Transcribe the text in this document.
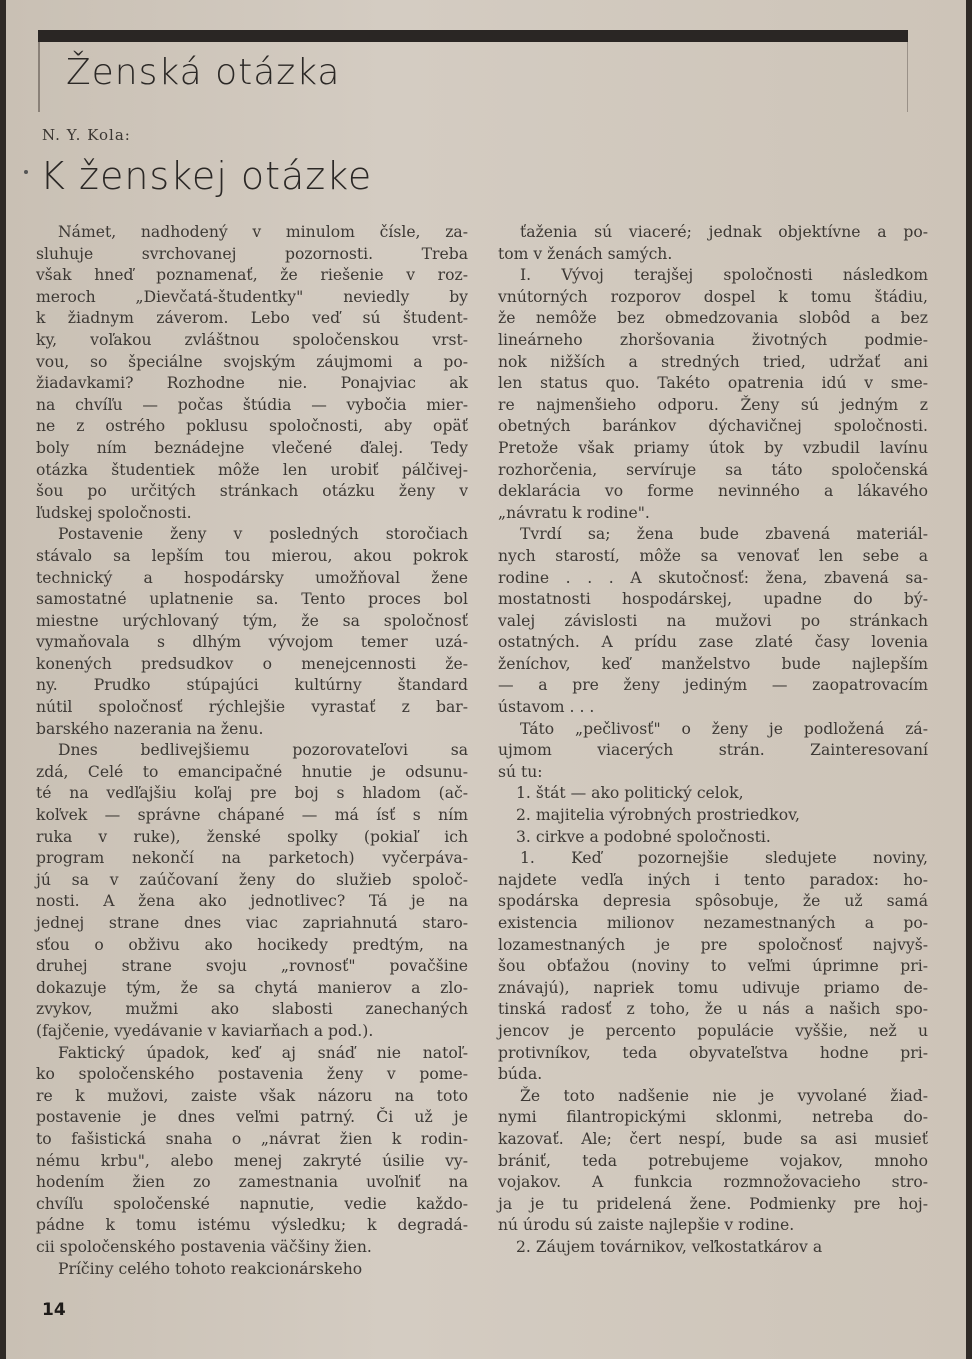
Ženská otázka
N. Y. Kola:
K ženskej otázke

Námet, nadhodený v minulom čísle, za-

sluhuje svrchovanej pozornosti. Treba

však hneď poznamenať, že riešenie v roz-

meroch „Dievčatá-študentky" neviedly by

k žiadnym záverom. Lebo veď sú študent-

ky, voľakou zvláštnou spoločenskou vrst-

vou, so špeciálne svojským záujmomi a po-

žiadavkami? Rozhodne nie. Ponajviac ak

na chvíľu — počas štúdia — vybočia mier-

ne z ostrého poklusu spoločnosti, aby opäť

boly ním beznádejne vlečené ďalej. Tedy

otázka študentiek môže len urobiť pálčivej-

šou po určitých stránkach otázku ženy v

ľudskej spoločnosti.

Postavenie ženy v posledných storočiach

stávalo sa lepším tou mierou, akou pokrok

technický a hospodársky umožňoval žene

samostatné uplatnenie sa. Tento proces bol

miestne urýchlovaný tým, že sa spoločnosť

vymaňovala s dlhým vývojom temer uzá-

konených predsudkov o menejcennosti že-

ny. Prudko stúpajúci kultúrny štandard

nútil spoločnosť rýchlejšie vyrastať z bar-

barského nazerania na ženu.

Dnes bedlivejšiemu pozorovateľovi sa

zdá, Celé to emancipačné hnutie je odsunu-

té na vedľajšiu koľaj pre boj s hladom (ač-

koľvek — správne chápané — má ísť s ním

ruka v ruke), ženské spolky (pokiaľ ich

program nekončí na parketoch) vyčerpáva-

jú sa v zaúčovaní ženy do služieb spoloč-

nosti. A žena ako jednotlivec? Tá je na

jednej strane dnes viac zapriahnutá staro-

sťou o obživu ako hocikedy predtým, na

druhej strane svoju „rovnosť" povačšine

dokazuje tým, že sa chytá manierov a zlo-

zvykov, mužmi ako slabosti zanechaných

(fajčenie, vyedávanie v kaviarňach a pod.).

Faktický úpadok, keď aj snáď nie natoľ-

ko spoločenského postavenia ženy v pome-

re k mužovi, zaiste však názoru na toto

postavenie je dnes veľmi patrný. Či už je

to fašistická snaha o „návrat žien k rodin-

nému krbu", alebo menej zakryté úsilie vy-

hodením žien zo zamestnania uvoľniť na

chvíľu spoločenské napnutie, vedie každo-

pádne k tomu istému výsledku; k degradá-

cii spoločenského postavenia väčšiny žien.

Príčiny celého tohoto reakcionárskeho

ťaženia sú viaceré; jednak objektívne a po-

tom v ženách samých.

I. Vývoj terajšej spoločnosti následkom

vnútorných rozporov dospel k tomu štádiu,

že nemôže bez obmedzovania slobôd a bez

lineárneho zhoršovania životných podmie-

nok nižších a stredných tried, udržať ani

len status quo. Takéto opatrenia idú v sme-

re najmenšieho odporu. Ženy sú jedným z

obetných baránkov dýchavičnej spoločnosti.

Pretože však priamy útok by vzbudil lavínu

rozhorčenia, servíruje sa táto spoločenská

deklarácia vo forme nevinného a lákavého

„návratu k rodine".

Tvrdí sa; žena bude zbavená materiál-

nych starostí, môže sa venovať len sebe a

rodine . . . A skutočnosť: žena, zbavená sa-

mostatnosti hospodárskej, upadne do bý-

valej závislosti na mužovi po stránkach

ostatných. A prídu zase zlaté časy lovenia

ženíchov, keď manželstvo bude najlepším

— a pre ženy jediným — zaopatrovacím

ústavom . . .

Táto „pečlivosť" o ženy je podložená zá-

ujmom viacerých strán. Zainteresovaní

sú tu:

1. štát — ako politický celok,

2. majitelia výrobných prostriedkov,

3. cirkve a podobné spoločnosti.

1. Keď pozornejšie sledujete noviny,

najdete vedľa iných i tento paradox: ho-

spodárska depresia spôsobuje, že už samá

existencia milionov nezamestnaných a po-

lozamestnaných je pre spoločnosť najvyš-

šou obťažou (noviny to veľmi úprimne pri-

znávajú), napriek tomu udivuje priamo de-

tinská radosť z toho, že u nás a našich spo-

jencov je percento populácie vyššie, než u

protivníkov, teda obyvateľstva hodne pri-

búda.

Že toto nadšenie nie je vyvolané žiad-

nymi filantropickými sklonmi, netreba do-

kazovať. Ale; čert nespí, bude sa asi musieť

brániť, teda potrebujeme vojakov, mnoho

vojakov. A funkcia rozmnožovacieho stro-

ja je tu pridelená žene. Podmienky pre hoj-

nú úrodu sú zaiste najlepšie v rodine.

2. Záujem továrnikov, veľkostatkárov a

14
